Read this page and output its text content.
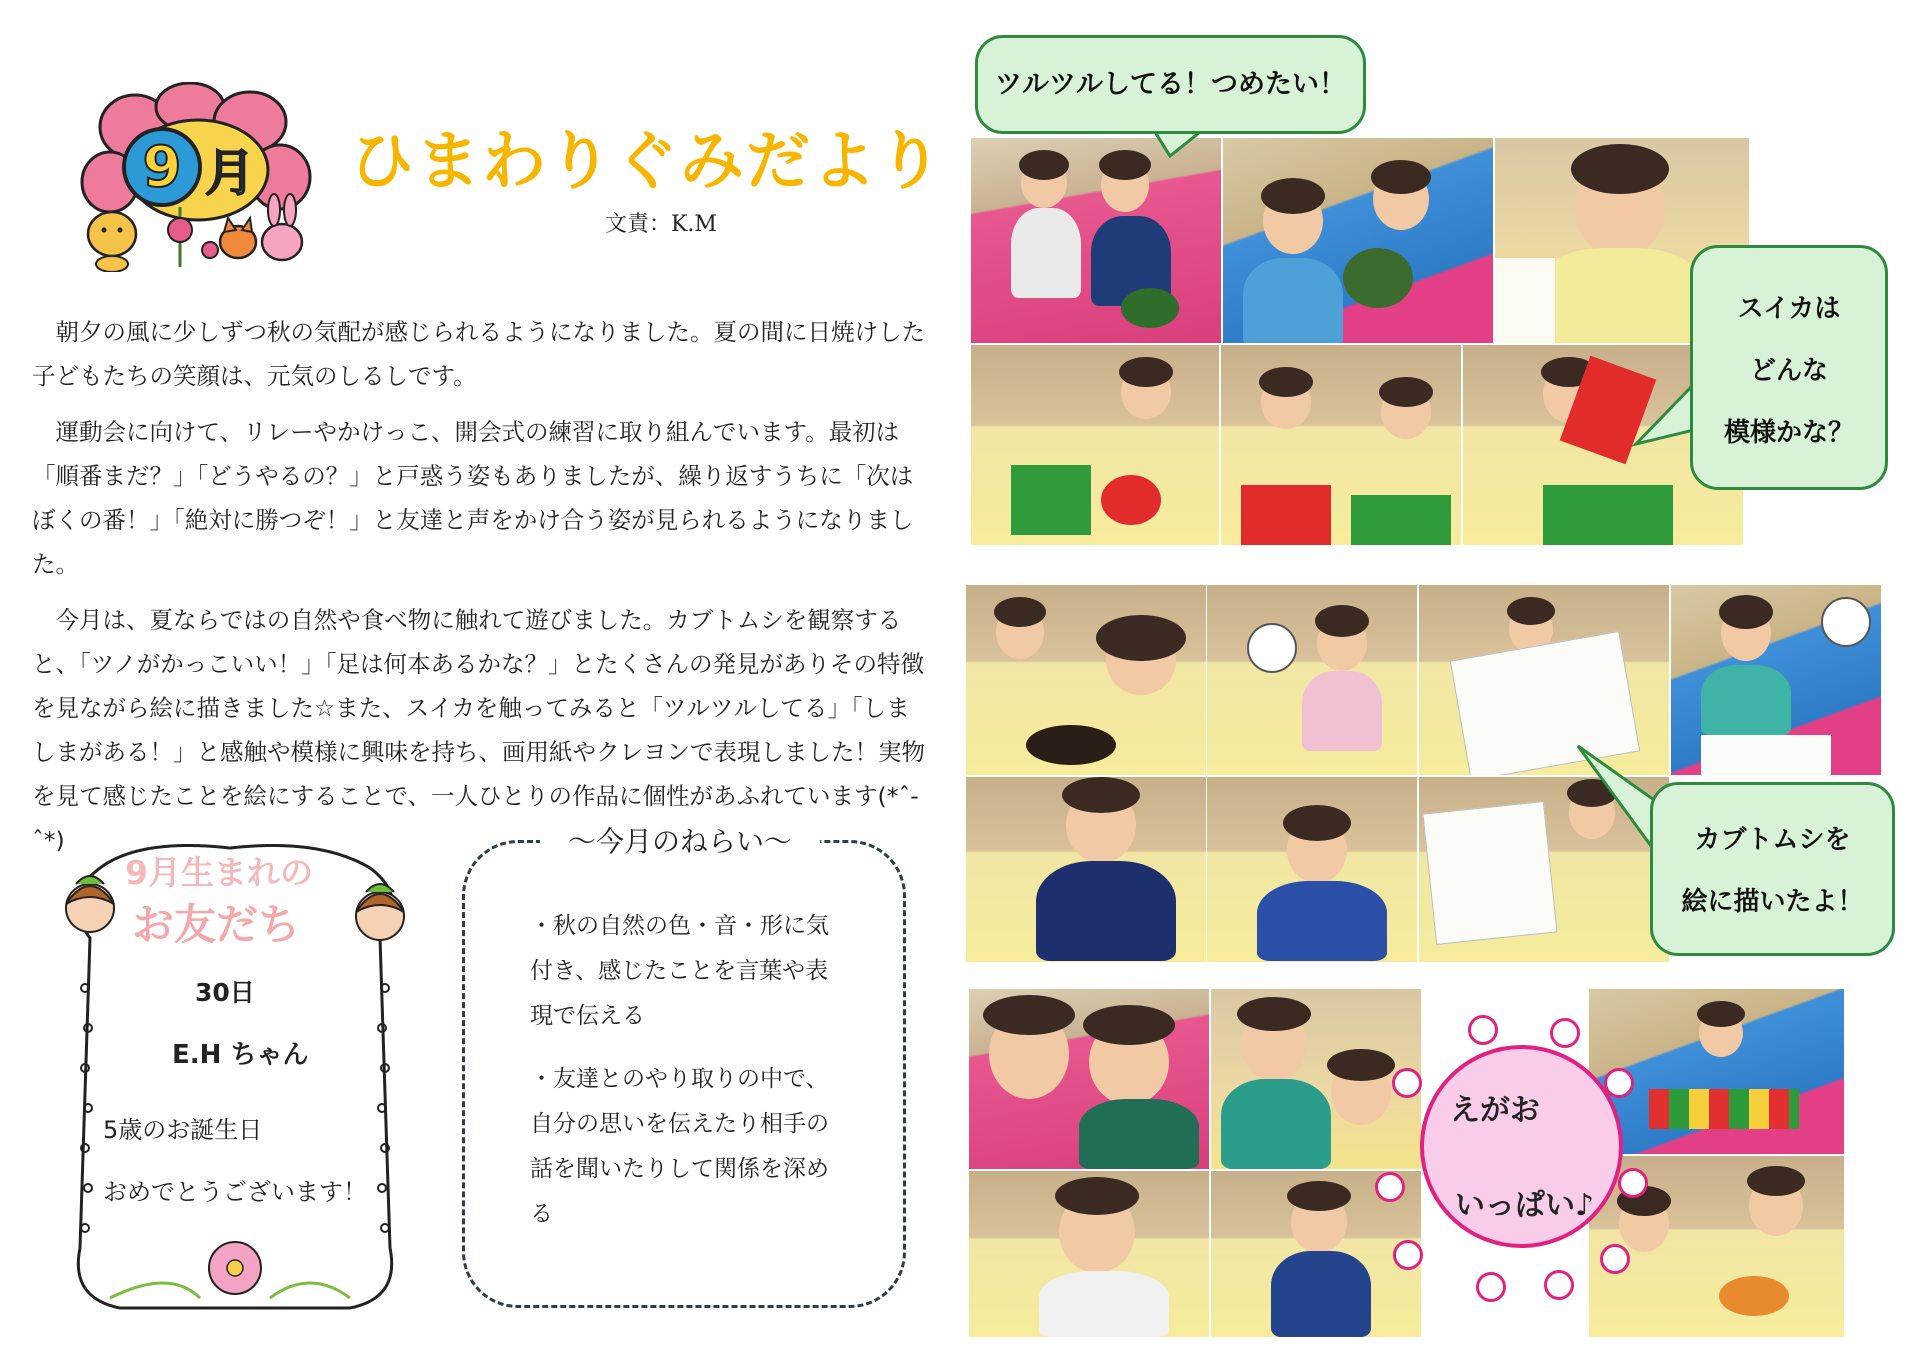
9 月 ひまわりぐみだより
文責：K.M

　朝夕の風に少しずつ秋の気配が感じられるようになりました。夏の間に日焼けした子どもたちの笑顔は、元気のしるしです。

　運動会に向けて、リレーやかけっこ、開会式の練習に取り組んでいます。最初は「順番まだ？」「どうやるの？」と戸惑う姿もありましたが、繰り返すうちに「次はぼくの番！」「絶対に勝つぞ！」と友達と声をかけ合う姿が見られるようになりました。

　今月は、夏ならではの自然や食べ物に触れて遊びました。カブトムシを観察すると、「ツノがかっこいい！」「足は何本あるかな？」とたくさんの発見がありその特徴を見ながら絵に描きました☆また、スイカを触ってみると「ツルツルしてる」「しましまがある！」と感触や模様に興味を持ち、画用紙やクレヨンで表現しました！実物を見て感じたことを絵にすることで、一人ひとりの作品に個性があふれています(*ˆ-ˆ*)

9月生まれの
お友だち
30日
E.H ちゃん
5歳のお誕生日
おめでとうございます！
〜今月のねらい〜

・秋の自然の色・音・形に気付き、感じたことを言葉や表現で伝える

・友達とのやり取りの中で、自分の思いを伝えたり相手の話を聞いたりして関係を深める

ツルツルしてる！つめたい！
スイカは
どんな
模様かな？
カブトムシを
絵に描いたよ！
えがお
いっぱい♪
